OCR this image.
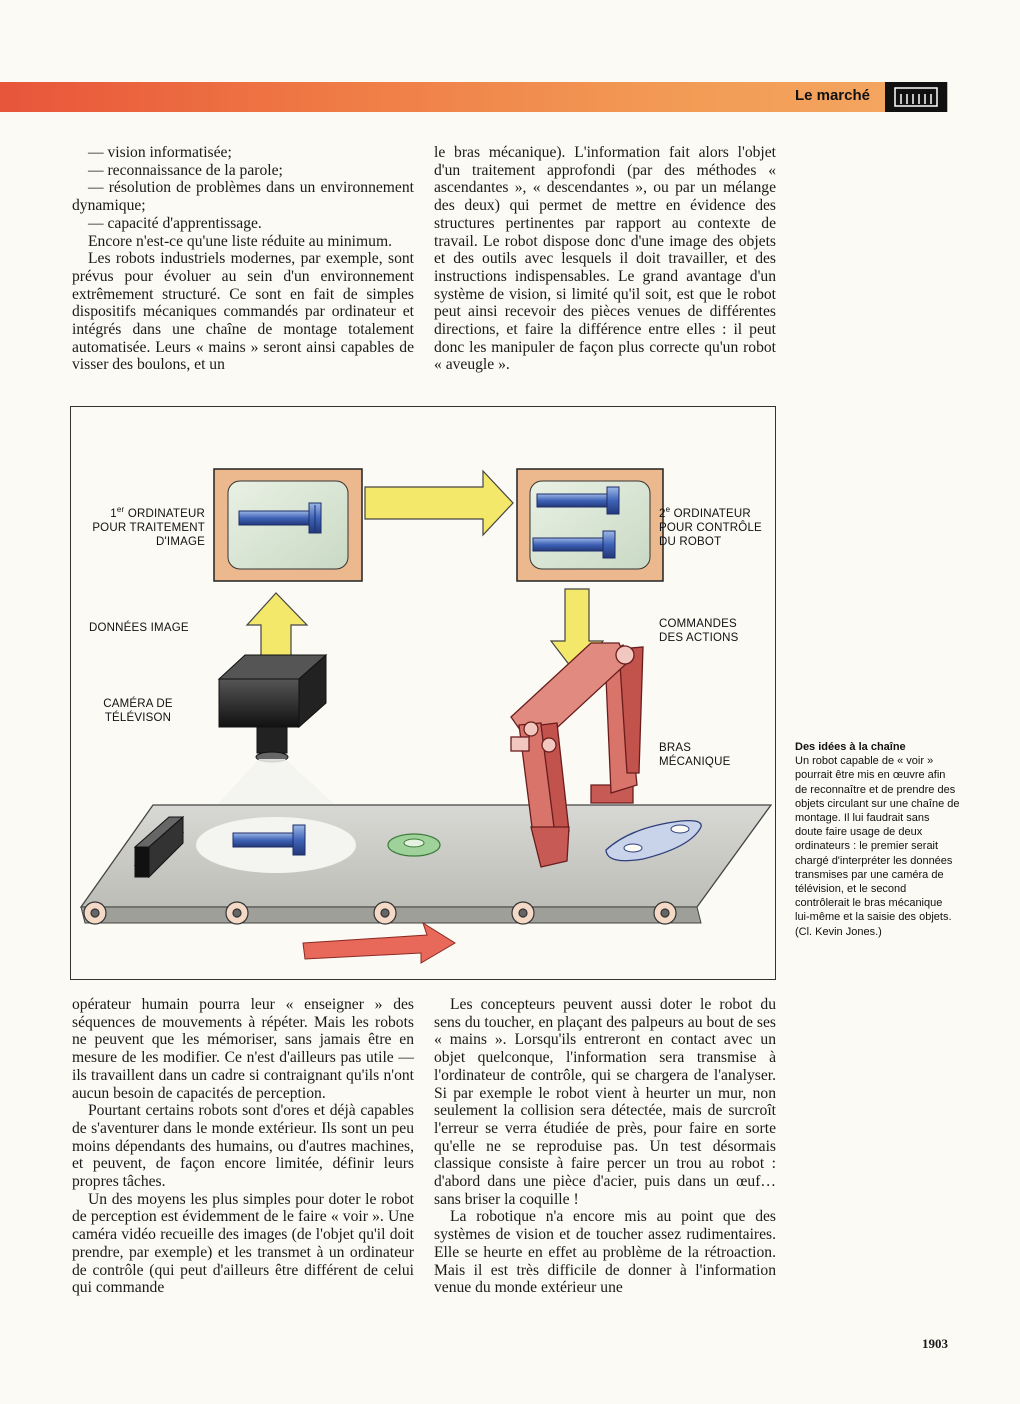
Le marché

— vision informatisée;

— reconnaissance de la parole;

— résolution de problèmes dans un environnement dynamique;

— capacité d'apprentissage.

Encore n'est-ce qu'une liste réduite au minimum.

Les robots industriels modernes, par exemple, sont prévus pour évoluer au sein d'un environnement extrêmement structuré. Ce sont en fait de simples dispositifs mécaniques commandés par ordinateur et intégrés dans une chaîne de montage totalement automatisée. Leurs « mains » seront ainsi capables de visser des boulons, et un

le bras mécanique). L'information fait alors l'objet d'un traitement approfondi (par des méthodes « ascendantes », « descendantes », ou par un mélange des deux) qui permet de mettre en évidence des structures pertinentes par rapport au contexte de travail. Le robot dispose donc d'une image des objets et des outils avec lesquels il doit travailler, et des instructions indispensables. Le grand avantage d'un système de vision, si limité qu'il soit, est que le robot peut ainsi recevoir des pièces venues de différentes directions, et faire la différence entre elles : il peut donc les manipuler de façon plus correcte qu'un robot « aveugle ».

1er ORDINATEUR
POUR TRAITEMENT
D'IMAGE
2e ORDINATEUR
POUR CONTRÔLE
DU ROBOT
DONNÉES IMAGE
CAMÉRA DE
TÉLÉVISON
COMMANDES
DES ACTIONS
BRAS
MÉCANIQUE
Des idées à la chaîne
Un robot capable de « voir » pourrait être mis en œuvre afin de reconnaître et de prendre des objets circulant sur une chaîne de montage. Il lui faudrait sans doute faire usage de deux ordinateurs : le premier serait chargé d'interpréter les données transmises par une caméra de télévision, et le second contrôlerait le bras mécanique lui-même et la saisie des objets.
(Cl. Kevin Jones.)

opérateur humain pourra leur « enseigner » des séquences de mouvements à répéter. Mais les robots ne peuvent que les mémoriser, sans jamais être en mesure de les modifier. Ce n'est d'ailleurs pas utile — ils travaillent dans un cadre si contraignant qu'ils n'ont aucun besoin de capacités de perception.

Pourtant certains robots sont d'ores et déjà capables de s'aventurer dans le monde extérieur. Ils sont un peu moins dépendants des humains, ou d'autres machines, et peuvent, de façon encore limitée, définir leurs propres tâches.

Un des moyens les plus simples pour doter le robot de perception est évidemment de le faire « voir ». Une caméra vidéo recueille des images (de l'objet qu'il doit prendre, par exemple) et les transmet à un ordinateur de contrôle (qui peut d'ailleurs être différent de celui qui commande

Les concepteurs peuvent aussi doter le robot du sens du toucher, en plaçant des palpeurs au bout de ses « mains ». Lorsqu'ils entreront en contact avec un objet quelconque, l'information sera transmise à l'ordinateur de contrôle, qui se chargera de l'analyser. Si par exemple le robot vient à heurter un mur, non seulement la collision sera détectée, mais de surcroît l'erreur se verra étudiée de près, pour faire en sorte qu'elle ne se reproduise pas. Un test désormais classique consiste à faire percer un trou au robot : d'abord dans une pièce d'acier, puis dans un œuf… sans briser la coquille !

La robotique n'a encore mis au point que des systèmes de vision et de toucher assez rudimentaires. Elle se heurte en effet au problème de la rétroaction. Mais il est très difficile de donner à l'information venue du monde extérieur une

1903
